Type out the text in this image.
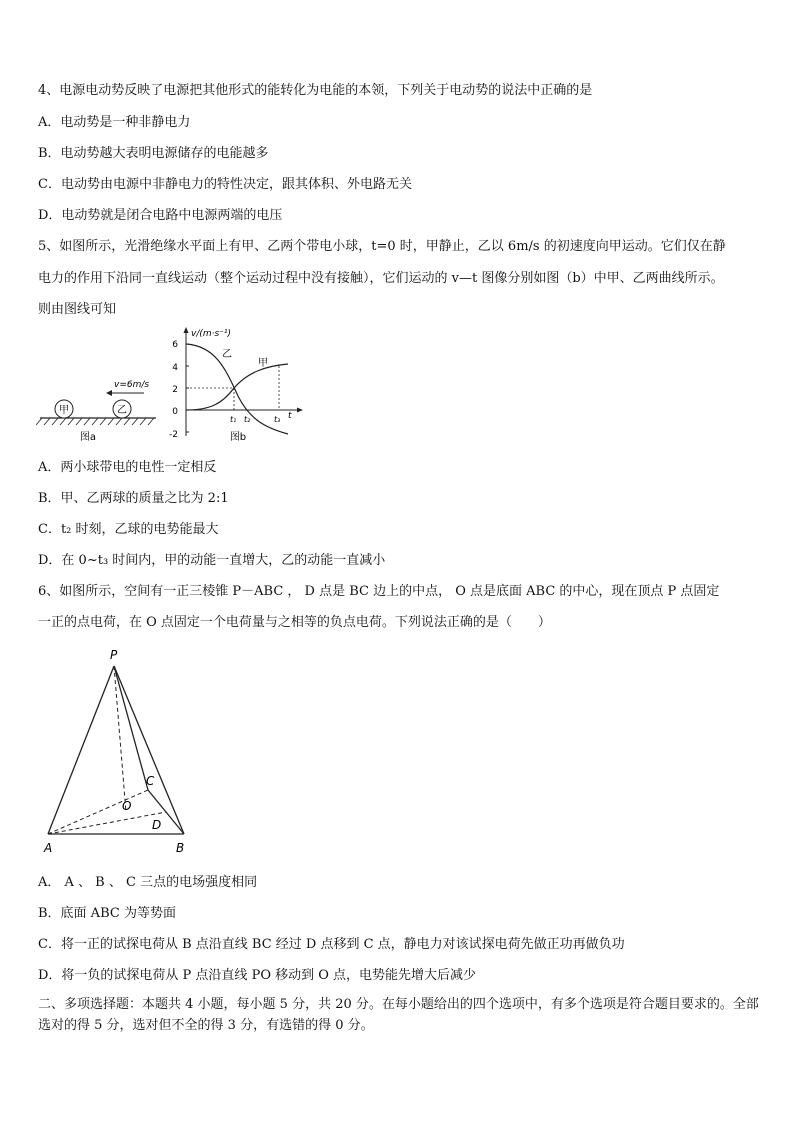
4、电源电动势反映了电源把其他形式的能转化为电能的本领，下列关于电动势的说法中正确的是
A．电动势是一种非静电力
B．电动势越大表明电源储存的电能越多
C．电动势由电源中非静电力的特性决定，跟其体积、外电路无关
D．电动势就是闭合电路中电源两端的电压
5、如图所示，光滑绝缘水平面上有甲、乙两个带电小球，t=0 时，甲静止，乙以 6m/s 的初速度向甲运动。它们仅在静
电力的作用下沿同一直线运动（整个运动过程中没有接触），它们运动的 v—t 图像分别如图（b）中甲、乙两曲线所示。
则由图线可知
甲	乙
v=6m/s
图a
v/(m·s⁻¹)
t
6
4
2
0
-2
乙
甲
t₁ t₂	t₃
图b
A．两小球带电的电性一定相反
B．甲、乙两球的质量之比为 2:1
C．t₂ 时刻，乙球的电势能最大
D．在 0~t₃ 时间内，甲的动能一直增大，乙的动能一直减小
6、如图所示，空间有一正三棱锥 P－ABC ， D 点是 BC 边上的中点， O 点是底面 ABC 的中心，现在顶点 P 点固定
一正的点电荷，在 O 点固定一个电荷量与之相等的负点电荷。下列说法正确的是（　　）
P
A	B
C
O
D
A． A 、 B 、 C 三点的电场强度相同
B．底面 ABC 为等势面
C．将一正的试探电荷从 B 点沿直线 BC 经过 D 点移到 C 点，静电力对该试探电荷先做正功再做负功
D．将一负的试探电荷从 P 点沿直线 PO 移动到 O 点，电势能先增大后减少
二、多项选择题：本题共 4 小题，每小题 5 分，共 20 分。在每小题给出的四个选项中，有多个选项是符合题目要求的。全部选对的得 5 分，选对但不全的得 3 分，有选错的得 0 分。
